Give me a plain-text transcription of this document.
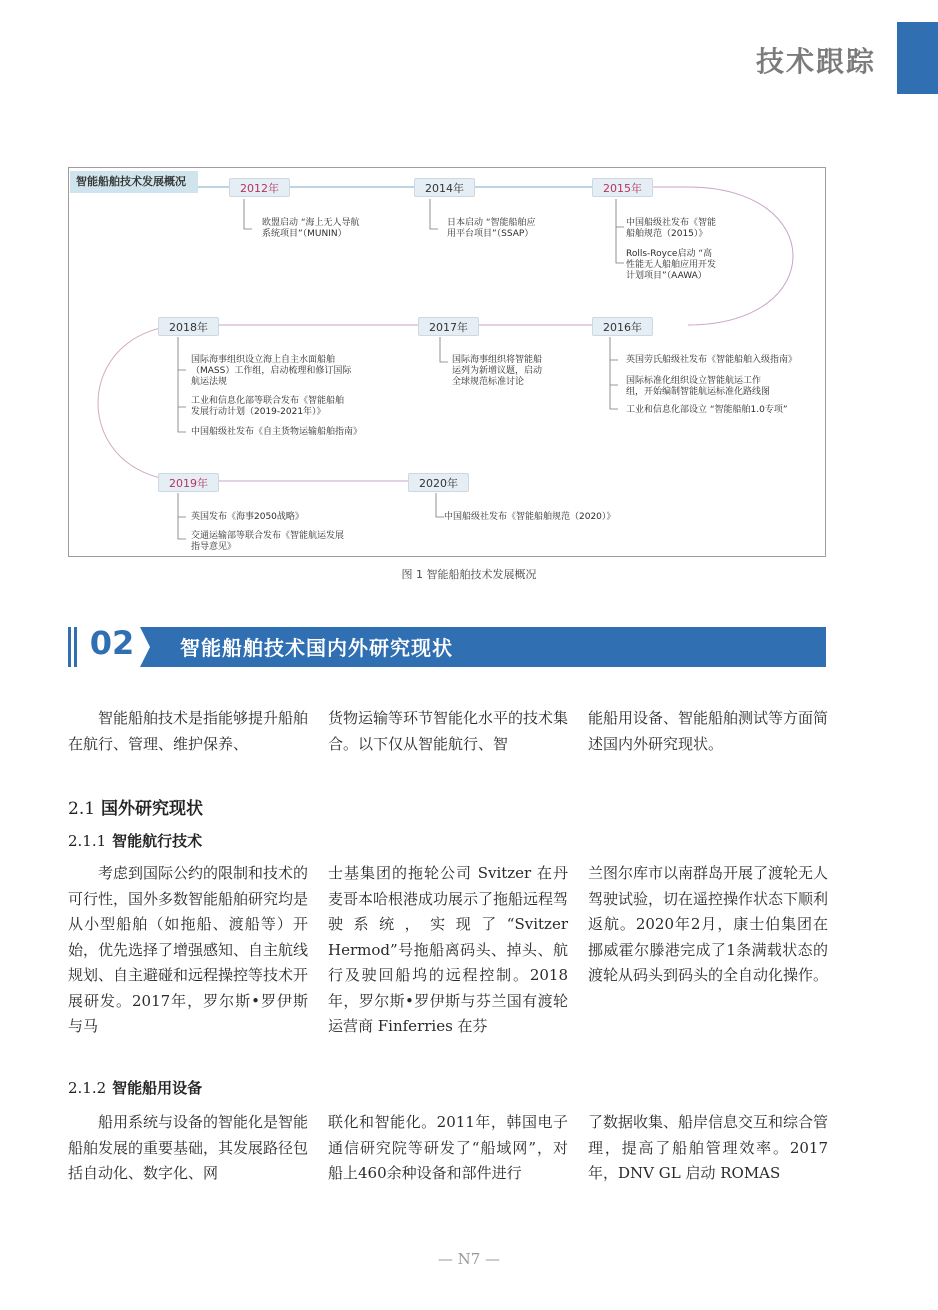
技术跟踪
智能船舶技术发展概况
2012年
欧盟启动 “海上无人导航
系统项目”（MUNIN）
2014年
日本启动 “智能船舶应
用平台项目”（SSAP）
2015年
中国船级社发布《智能
船舶规范（2015）》
Rolls-Royce启动 “高
性能无人船舶应用开发
计划项目”（AAWA）
2016年
英国劳氏船级社发布《智能船舶入级指南》
国际标准化组织设立智能航运工作
组，开始编制智能航运标准化路线图
工业和信息化部设立 “智能船舶1.0专项”
2017年
国际海事组织将智能船
运列为新增议题，启动
全球规范标准讨论
2018年
国际海事组织设立海上自主水面船舶
（MASS）工作组，启动梳理和修订国际
航运法规
工业和信息化部等联合发布《智能船舶
发展行动计划（2019-2021年）》
中国船级社发布《自主货物运输船舶指南》
2019年
英国发布《海事2050战略》
交通运输部等联合发布《智能航运发展
指导意见》
2020年
中国船级社发布《智能船舶规范（2020）》
图 1 智能船舶技术发展概况
02	智能船舶技术国内外研究现状
智能船舶技术是指能够提升船舶在航行、管理、维护保养、
货物运输等环节智能化水平的技术集合。以下仅从智能航行、智
能船用设备、智能船舶测试等方面简述国内外研究现状。
2.1 国外研究现状
2.1.1 智能航行技术
考虑到国际公约的限制和技术的可行性，国外多数智能船舶研究均是从小型船舶（如拖船、渡船等）开始，优先选择了增强感知、自主航线规划、自主避碰和远程操控等技术开展研发。2017年，罗尔斯•罗伊斯与马
士基集团的拖轮公司 Svitzer 在丹麦哥本哈根港成功展示了拖船远程驾驶系统，实现了“Svitzer Hermod”号拖船离码头、掉头、航行及驶回船坞的远程控制。2018年，罗尔斯•罗伊斯与芬兰国有渡轮运营商 Finferries 在芬
兰图尔库市以南群岛开展了渡轮无人驾驶试验，切在遥控操作状态下顺利返航。2020年2月，康士伯集团在挪威霍尔滕港完成了1条满载状态的渡轮从码头到码头的全自动化操作。
2.1.2 智能船用设备
船用系统与设备的智能化是智能船舶发展的重要基础，其发展路径包括自动化、数字化、网
联化和智能化。2011年，韩国电子通信研究院等研发了“船域网”，对船上460余种设备和部件进行
了数据收集、船岸信息交互和综合管理，提高了船舶管理效率。2017年，DNV GL 启动 ROMAS
— N7 —
